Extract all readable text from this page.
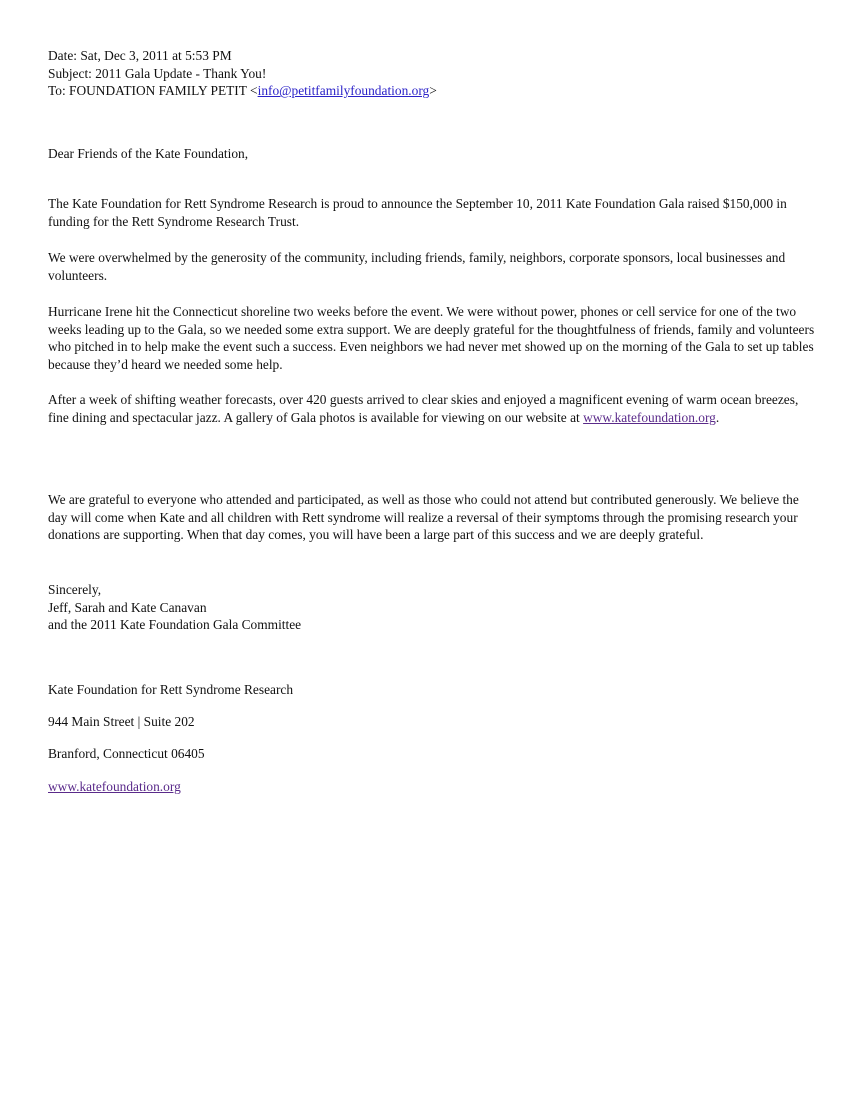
Date: Sat, Dec 3, 2011 at 5:53 PM
Subject: 2011 Gala Update - Thank You!
To: FOUNDATION FAMILY PETIT <info@petitfamilyfoundation.org>
Dear Friends of the Kate Foundation,

The Kate Foundation for Rett Syndrome Research is proud to announce the September 10, 2011 Kate Foundation Gala raised $150,000 in funding for the Rett Syndrome Research Trust.

We were overwhelmed by the generosity of the community, including friends, family, neighbors, corporate sponsors, local businesses and volunteers.

Hurricane Irene hit the Connecticut shoreline two weeks before the event. We were without power, phones or cell service for one of the two weeks leading up to the Gala, so we needed some extra support. We are deeply grateful for the thoughtfulness of friends, family and volunteers who pitched in to help make the event such a success. Even neighbors we had never met showed up on the morning of the Gala to set up tables because they’d heard we needed some help.

After a week of shifting weather forecasts, over 420 guests arrived to clear skies and enjoyed a magnificent evening of warm ocean breezes, fine dining and spectacular jazz. A gallery of Gala photos is available for viewing on our website at www.katefoundation.org.

We are grateful to everyone who attended and participated, as well as those who could not attend but contributed generously. We believe the day will come when Kate and all children with Rett syndrome will realize a reversal of their symptoms through the promising research your donations are supporting. When that day comes, you will have been a large part of this success and we are deeply grateful.

Sincerely,
Jeff, Sarah and Kate Canavan
and the 2011 Kate Foundation Gala Committee
Kate Foundation for Rett Syndrome Research
944 Main Street | Suite 202
Branford, Connecticut 06405
www.katefoundation.org
